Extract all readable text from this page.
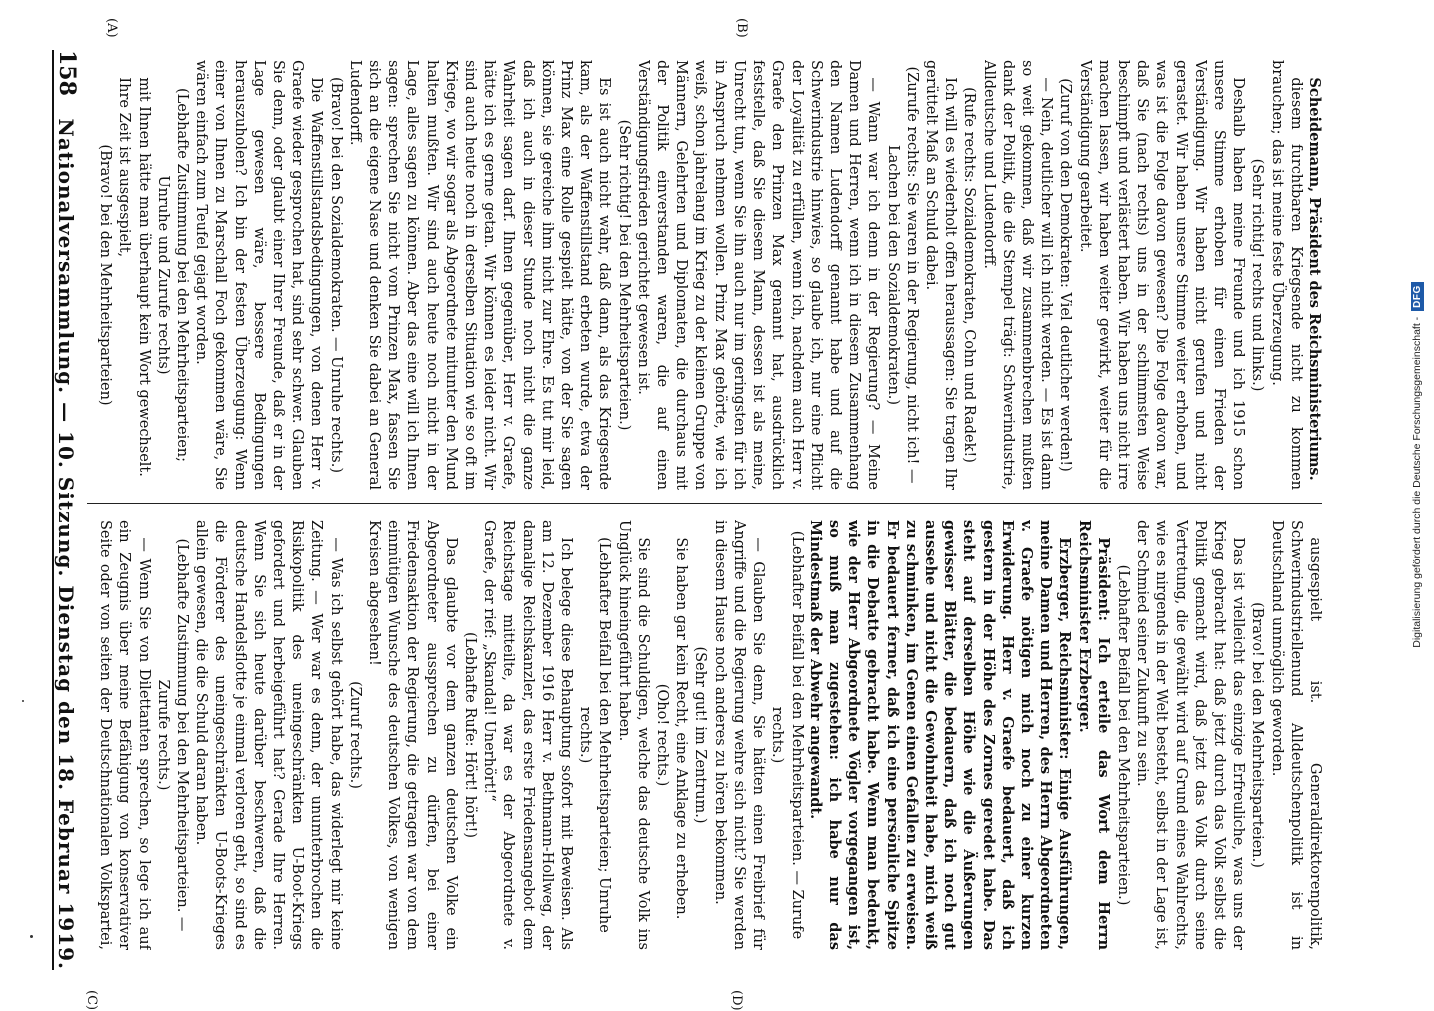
158
Nationalversammlung. — 10. Sitzung. Dienstag den 18. Februar 1919.
(A)	(B)
(C)	(D)

Scheidemann, Präsident des Reichsministeriums.

diesem furchtbaren Kriegsende nicht zu kommen brauchen; das ist meine feste Überzeugung.

(Sehr richtig! rechts und links.)

Deshalb haben meine Freunde und ich 1915 schon unsere Stimme erhoben für einen Frieden der Verständigung. Wir haben nicht gerufen und nicht gerastet. Wir haben unsere Stimme weiter erhoben, und was ist die Folge davon gewesen? Die Folge davon war, daß Sie (nach rechts) uns in der schlimmsten Weise beschimpft und verlästert haben. Wir haben uns nicht irre machen lassen, wir haben weiter gewirkt, weiter für die Verständigung gearbeitet.

(Zuruf von den Demokraten: Viel deutlicher werden!)

— Nein, deutlicher will ich nicht werden. — Es ist dann so weit gekommen, daß wir zusammenbrechen mußten dank der Politik, die die Stempel trägt: Schwerindustrie, Alldeutsche und Ludendorff.

(Rufe rechts: Sozialdemokraten, Cohn und Radek!)

Ich will es wiederholt offen heraussagen: Sie tragen Ihr gerüttelt Maß an Schuld dabei.

(Zurufe rechts: Sie waren in der Regierung, nicht ich! — Lachen bei den Sozialdemokraten.)

— Wann war ich denn in der Regierung? — Meine Damen und Herren, wenn ich in diesem Zusammenhang den Namen Ludendorff genannt habe und auf die Schwerindustrie hinwies, so glaube ich, nur eine Pflicht der Loyalität zu erfüllen, wenn ich, nachdem auch Herr v. Graefe den Prinzen Max genannt hat, ausdrücklich feststelle, daß Sie diesem Mann, dessen ist als meine, Unrecht tun, wenn Sie ihn auch nur im geringsten für ich in Anspruch nehmen wollen. Prinz Max gehörte, wie ich weiß, schon jahrelang im Krieg zu der kleinen Gruppe von Männern, Gelehrten und Diplomaten, die durchaus mit der Politik einverstanden waren, die auf einen Verständigungsfrieden gerichtet gewesen ist.

(Sehr richtig! bei den Mehrheitsparteien.)

Es ist auch nicht wahr, daß dann, als das Kriegsende kam, als der Waffenstillstand erbeten wurde, etwa der Prinz Max eine Rolle gespielt hätte, von der Sie sagen können, sie gereiche ihm nicht zur Ehre. Es tut mir leid, daß ich auch in dieser Stunde noch nicht die ganze Wahrheit sagen darf. Ihnen gegenüber, Herr v. Graefe, hätte ich es gerne getan. Wir können es leider nicht. Wir sind auch heute noch in derselben Situation wie so oft im Kriege, wo wir sogar als Abgeordnete mitunter den Mund halten mußten. Wir sind auch heute noch nicht in der Lage, alles sagen zu können. Aber das eine will ich Ihnen sagen: sprechen Sie nicht vom Prinzen Max, fassen Sie sich an die eigene Nase und denken Sie dabei an General Ludendorff.

(Bravo! bei den Sozialdemokraten. — Unruhe rechts.)

Die Waffenstillstandsbedingungen, von denen Herr v. Graefe wieder gesprochen hat, sind sehr schwer. Glauben Sie denn, oder glaubt einer Ihrer Freunde, daß er in der Lage gewesen wäre, bessere Bedingungen herauszuholen? Ich bin der festen Überzeugung: Wenn einer von Ihnen zu Marschall Foch gekommen wäre, Sie wären einfach zum Teufel gejagt worden.

(Lebhafte Zustimmung bei den Mehrheitsparteien; Unruhe und Zurufe rechts)

mit Ihnen hätte man überhaupt kein Wort gewechselt.

Ihre Zeit ist ausgespielt,

(Bravo! bei den Mehrheitsparteien)

ausgespielt ist. Generaldirektorenpolitik, Schwerindustriellenund Alldeutschenpolitik ist in Deutschland unmöglich geworden.

(Bravo! bei den Mehrheitsparteien.)

Das ist vielleicht das einzige Erfreuliche, was uns der Krieg gebracht hat: daß jetzt durch das Volk selbst die Politik gemacht wird, daß jetzt das Volk durch seine Vertretung, die gewählt wird auf Grund eines Wahlrechts, wie es nirgends in der Welt besteht, selbst in der Lage ist, der Schmied seiner Zukunft zu sein.

(Lebhafter Beifall bei den Mehrheitsparteien.)

Präsident: Ich erteile das Wort dem Herrn Reichsminister Erzberger.

Erzberger, Reichsminister: Einige Ausführungen, meine Damen und Herren, des Herrn Abgeordneten v. Graefe nötigen mich noch zu einer kurzen Erwiderung. Herr v. Graefe bedauert, daß ich gestern in der Höhe des Zornes geredet habe. Das steht auf derselben Höhe wie die Äußerungen gewisser Blätter, die bedauern, daß ich noch gut aussehe und nicht die Gewohnheit habe, mich weiß zu schminken, im Genen einen Gefallen zu erweisen. Er bedauert ferner, daß ich eine persönliche Spitze in die Debatte gebracht habe. Wenn man bedenkt, wie der Herr Abgeordnete Vögler vorgegangen ist, so muß man zugestehen: ich habe nur das Mindestmaß der Abwehr angewandt.

(Lebhafter Beifall bei den Mehrheitsparteien. — Zurufe rechts.)

— Glauben Sie denn, Sie hätten einen Freibrief für Angriffe und die Regierung wehre sich nicht? Sie werden in diesem Hause noch anderes zu hören bekommen.

(Sehr gut! im Zentrum.)

Sie haben gar kein Recht, eine Anklage zu erheben.

(Oho! rechts.)

Sie sind die Schuldigen, welche das deutsche Volk ins Unglück hineingeführt haben.

(Lebhafter Beifall bei den Mehrheitsparteien; Unruhe rechts.)

Ich belege diese Behauptung sofort mit Beweisen. Als am 12. Dezember 1916 Herr v. Bethmann-Hollweg, der damalige Reichskanzler, das erste Friedensangebot dem Reichstage mitteilte, da war es der Abgeordnete v. Graefe, der rief: „Skandal! Unerhört!“

(Lebhafte Rufe: Hört! hört!)

Das glaubte vor dem ganzen deutschen Volke ein Abgeordneter aussprechen zu dürfen, bei einer Friedensaktion der Regierung, die getragen war von dem einmütigen Wunsche des deutschen Volkes, von wenigen Kreisen abgesehen!

(Zuruf rechts.)

— Was ich selbst gehört habe, das widerlegt mir keine Zeitung. — Wer war es denn, der unumterbrochen die Risikopolitik des uneingeschränkten U-Boot-Kriegs gefordert und herbeigeführt hat? Gerade Ihre Herren. Wenn Sie sich heute darüber beschweren, daß die deutsche Handelsflotte je einmal verloren geht, so sind es die Förderer des uneingeschränkten U-Boots-Krieges allein gewesen, die die Schuld daran haben.

(Lebhafte Zustimmung bei den Mehrheitsparteien. — Zurufe rechts.)

— Wenn Sie von Dilettanten sprechen, so lege ich auf ein Zeugnis über meine Befähigung von konservativer Seite oder von seiten der Deutschnationalen Volkspartei,

Digitalisierung gefördert durch die Deutsche Forschungsgemeinschaft -
DFG
